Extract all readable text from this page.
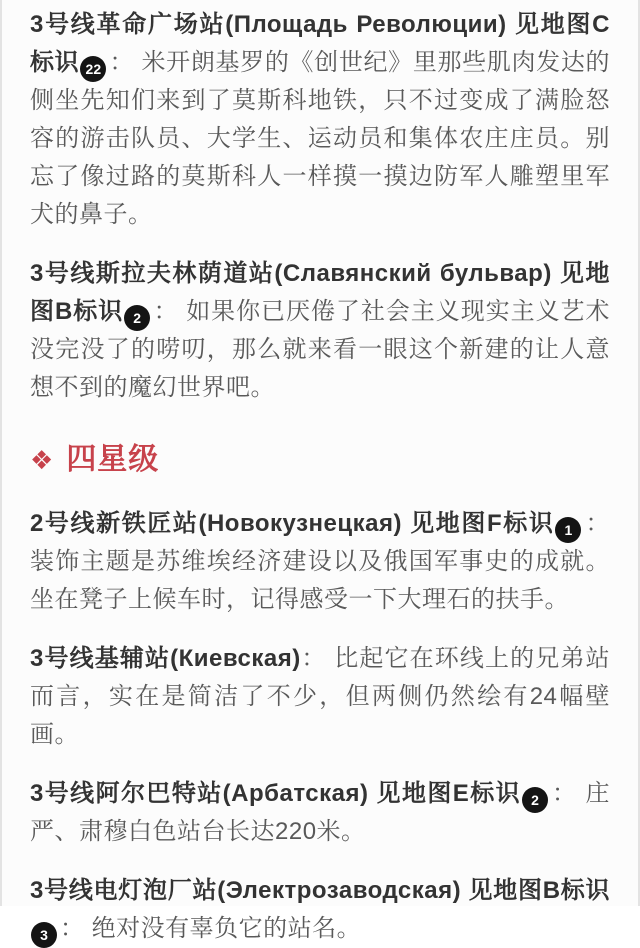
3号线革命广场站(Площадь Революции) 见地图C标识 22 ： 米开朗基罗的《创世纪》里那些肌肉发达的侧坐先知们来到了莫斯科地铁，只不过变成了满脸怒容的游击队员、大学生、运动员和集体农庄庄员。别忘了像过路的莫斯科人一样摸一摸边防军人雕塑里军犬的鼻子。

3号线斯拉夫林荫道站(Славянский бульвар) 见地图B标识 2 ： 如果你已厌倦了社会主义现实主义艺术没完没了的唠叨，那么就来看一眼这个新建的让人意想不到的魔幻世界吧。

❖ 四星级

2号线新铁匠站(Новокузнецкая) 见地图F标识 1 ： 装饰主题是苏维埃经济建设以及俄国军事史的成就。坐在凳子上候车时，记得感受一下大理石的扶手。

3号线基辅站(Киевская)： 比起它在环线上的兄弟站而言，实在是简洁了不少，但两侧仍然绘有24幅壁画。

3号线阿尔巴特站(Арбатская) 见地图E标识 2 ： 庄严、肃穆白色站台长达220米。

3号线电灯泡厂站(Электрозаводская) 见地图B标识3 ： 绝对没有辜负它的站名。
